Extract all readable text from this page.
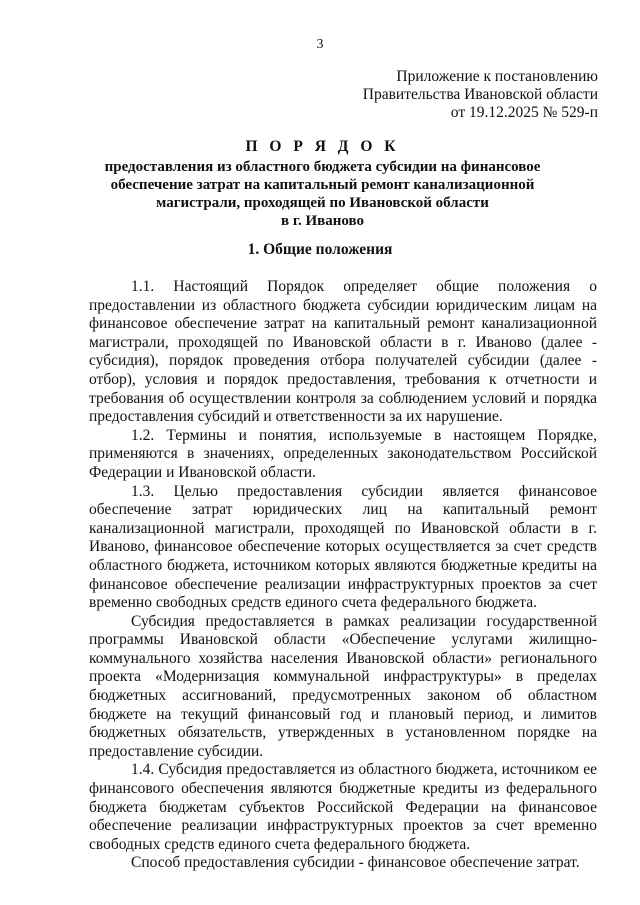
3
Приложение к постановлению
Правительства Ивановской области
от 19.12.2025 № 529-п
П О Р Я Д О К
предоставления из областного бюджета субсидии на финансовое
обеспечение затрат на капитальный ремонт канализационной
магистрали, проходящей по Ивановской области
в г. Иваново
1. Общие положения

1.1. Настоящий Порядок определяет общие положения о предоставлении из областного бюджета субсидии юридическим лицам на финансовое обеспечение затрат на капитальный ремонт канализационной магистрали, проходящей по Ивановской области в г. Иваново (далее - субсидия), порядок проведения отбора получателей субсидии (далее - отбор), условия и порядок предоставления, требования к отчетности и требования об осуществлении контроля за соблюдением условий и порядка предоставления субсидий и ответственности за их нарушение.

1.2. Термины и понятия, используемые в настоящем Порядке, применяются в значениях, определенных законодательством Российской Федерации и Ивановской области.

1.3. Целью предоставления субсидии является финансовое обеспечение затрат юридических лиц на капитальный ремонт канализационной магистрали, проходящей по Ивановской области в г. Иваново, финансовое обеспечение которых осуществляется за счет средств областного бюджета, источником которых являются бюджетные кредиты на финансовое обеспечение реализации инфраструктурных проектов за счет временно свободных средств единого счета федерального бюджета.

Субсидия предоставляется в рамках реализации государственной программы Ивановской области «Обеспечение услугами жилищно-коммунального хозяйства населения Ивановской области» регионального проекта «Модернизация коммунальной инфраструктуры» в пределах бюджетных ассигнований, предусмотренных законом об областном бюджете на текущий финансовый год и плановый период, и лимитов бюджетных обязательств, утвержденных в установленном порядке на предоставление субсидии.

1.4. Субсидия предоставляется из областного бюджета, источником ее финансового обеспечения являются бюджетные кредиты из федерального бюджета бюджетам субъектов Российской Федерации на финансовое обеспечение реализации инфраструктурных проектов за счет временно свободных средств единого счета федерального бюджета.

Способ предоставления субсидии - финансовое обеспечение затрат.
